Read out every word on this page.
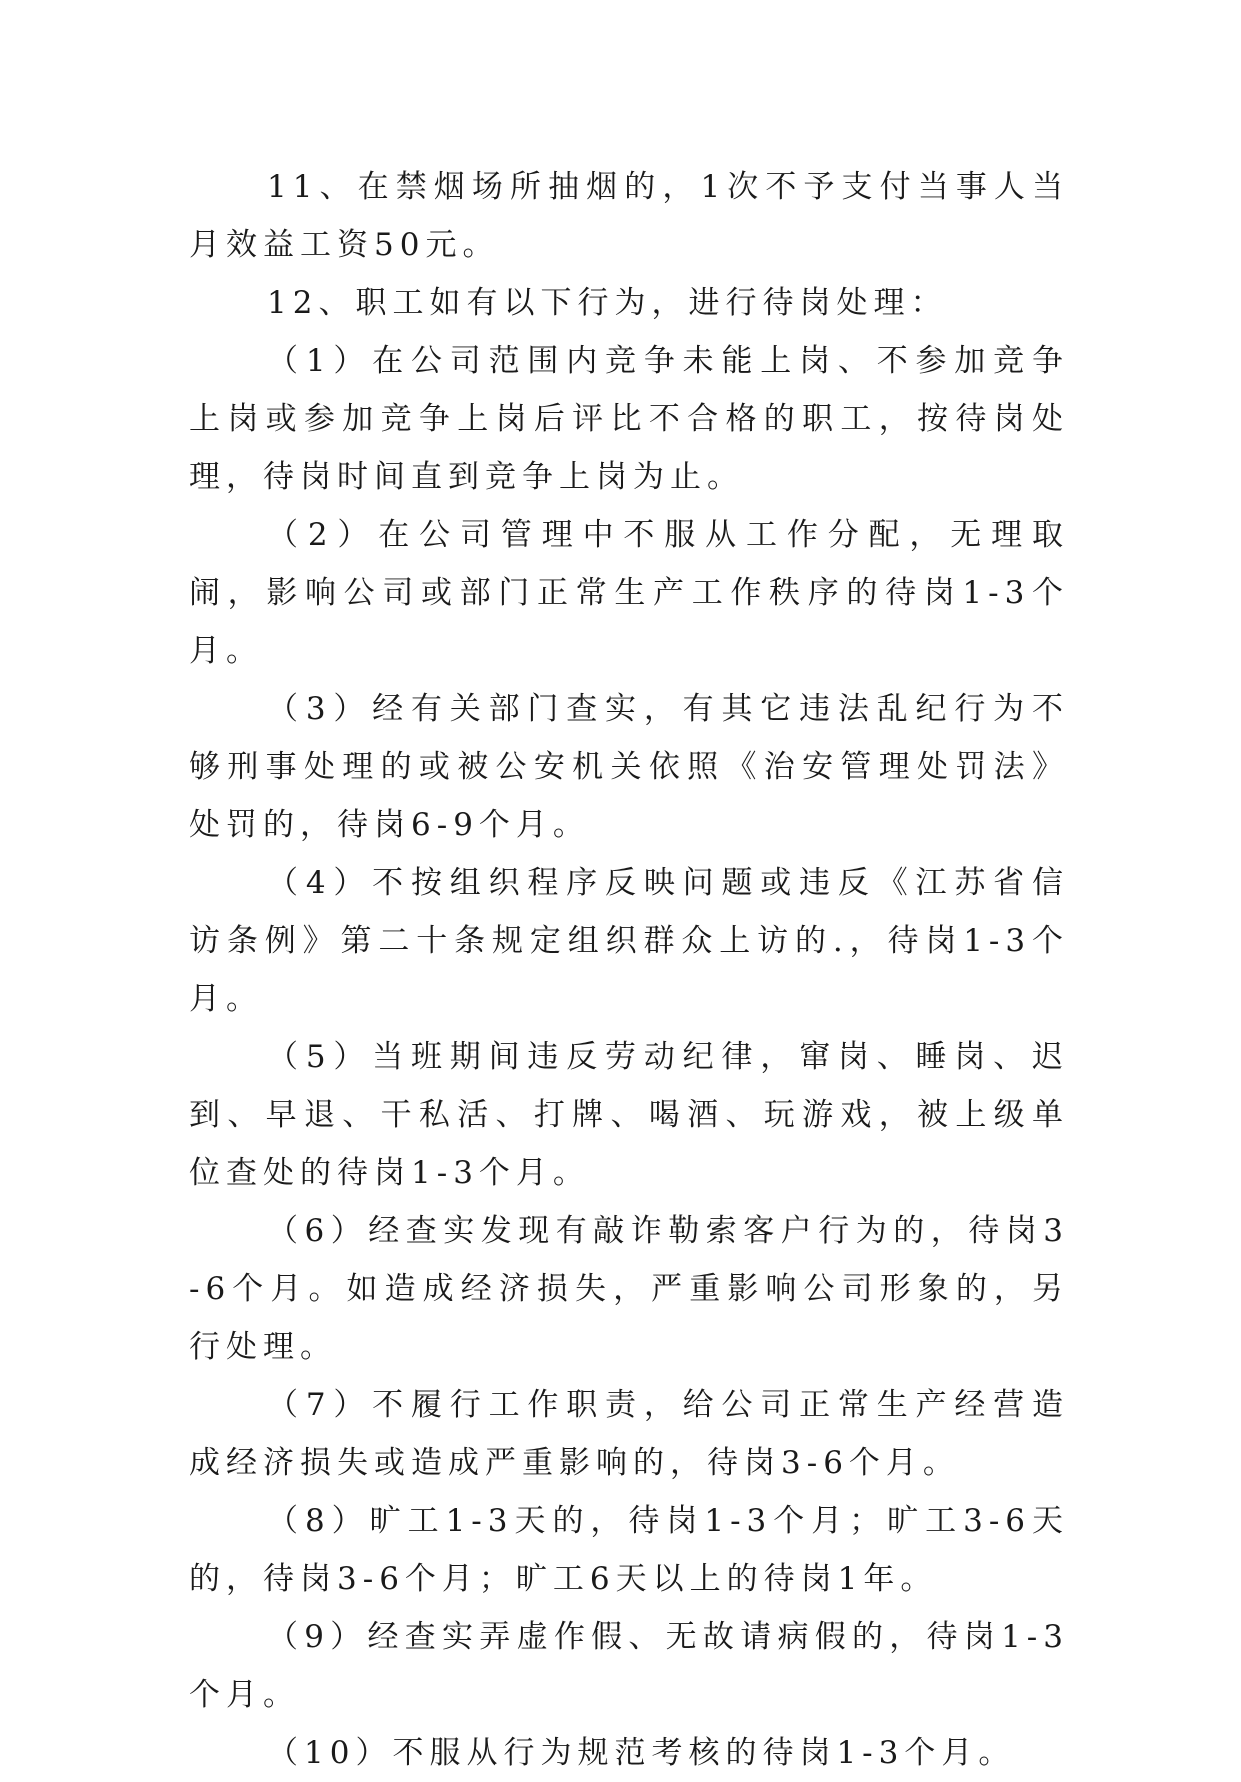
11、在禁烟场所抽烟的，1次不予支付当事人当月效益工资50元。

12、职工如有以下行为，进行待岗处理：

（1）在公司范围内竞争未能上岗、不参加竞争上岗或参加竞争上岗后评比不合格的职工，按待岗处理，待岗时间直到竞争上岗为止。

（2）在公司管理中不服从工作分配，无理取闹，影响公司或部门正常生产工作秩序的待岗1-3个月。

（3）经有关部门查实，有其它违法乱纪行为不够刑事处理的或被公安机关依照《治安管理处罚法》处罚的，待岗6-9个月。

（4）不按组织程序反映问题或违反《江苏省信访条例》第二十条规定组织群众上访的.，待岗1-3个月。

（5）当班期间违反劳动纪律，窜岗、睡岗、迟到、早退、干私活、打牌、喝酒、玩游戏，被上级单位查处的待岗1-3个月。

（6）经查实发现有敲诈勒索客户行为的，待岗3-6个月。如造成经济损失，严重影响公司形象的，另行处理。

（7）不履行工作职责，给公司正常生产经营造成经济损失或造成严重影响的，待岗3-6个月。

（8）旷工1-3天的，待岗1-3个月；旷工3-6天的，待岗3-6个月；旷工6天以上的待岗1年。

（9）经查实弄虚作假、无故请病假的，待岗1-3个月。

（10）不服从行为规范考核的待岗1-3个月。
